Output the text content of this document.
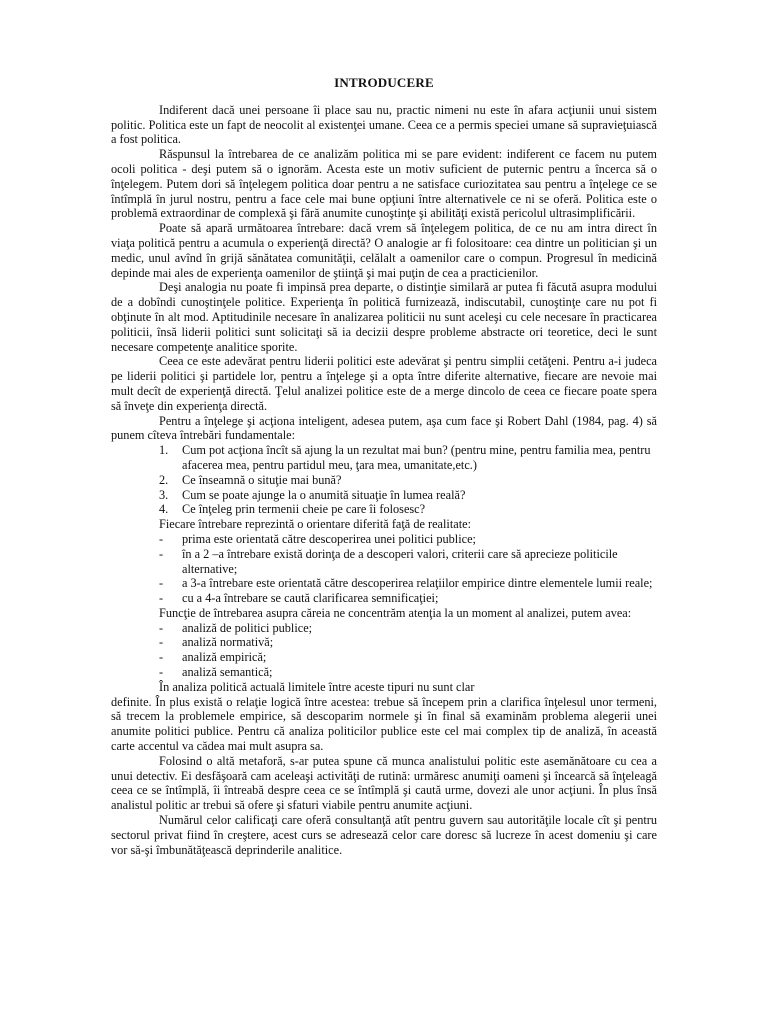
INTRODUCERE

Indiferent dacă unei persoane îi place sau nu, practic nimeni nu este în afara acţiunii unui sistem politic. Politica este un fapt de neocolit al existenţei umane. Ceea ce a permis speciei umane să supravieţuiască a fost politica.

Răspunsul la întrebarea de ce analizăm politica mi se pare evident: indiferent ce facem nu putem ocoli politica - deşi putem să o ignorăm. Acesta este un motiv suficient de puternic pentru a încerca să o înţelegem. Putem dori să înţelegem politica doar pentru a ne satisface curiozitatea sau pentru a înţelege ce se întîmplă în jurul nostru, pentru a face cele mai bune opţiuni între alternativele ce ni se oferă. Politica este o problemă extraordinar de complexă şi fără anumite cunoştinţe şi abilităţi există pericolul ultrasimplificării.

Poate să apară următoarea întrebare: dacă vrem să înţelegem politica, de ce nu am intra direct în viaţa politică pentru a acumula o experienţă directă? O analogie ar fi folositoare: cea dintre un politician şi un medic, unul avînd în grijă sănătatea comunităţii, celălalt a oamenilor care o compun. Progresul în medicină depinde mai ales de experienţa oamenilor de ştiinţă şi mai puţin de cea a practicienilor.

Deşi analogia nu poate fi impinsă prea departe, o distinţie similară ar putea fi făcută asupra modului de a dobîndi cunoştinţele politice. Experienţa în politică furnizează, indiscutabil, cunoştinţe care nu pot fi obţinute în alt mod. Aptitudinile necesare în analizarea politicii nu sunt aceleşi cu cele necesare în practicarea politicii, însă liderii politici sunt solicitaţi să ia decizii despre probleme abstracte ori teoretice, deci le sunt necesare competenţe analitice sporite.

Ceea ce este adevărat pentru liderii politici este adevărat şi pentru simplii cetăţeni. Pentru a-i judeca pe liderii politici şi partidele lor, pentru a înţelege şi a opta între diferite alternative, fiecare are nevoie mai mult decît de experienţă directă. Ţelul analizei politice este de a merge dincolo de ceea ce fiecare poate spera să înveţe din experienţa directă.

Pentru a înţelege şi acţiona inteligent, adesea putem, aşa cum face şi Robert Dahl (1984, pag. 4) să punem cîteva întrebări fundamentale:

1. Cum pot acţiona încît să ajung la un rezultat mai bun? (pentru mine, pentru familia mea, pentru afacerea mea, pentru partidul meu, ţara mea, umanitate,etc.)
2. Ce înseamnă o situţie mai bună?
3. Cum se poate ajunge la o anumită situaţie în lumea reală?
4. Ce înţeleg prin termenii cheie pe care îi folosesc?

Fiecare întrebare reprezintă o orientare diferită faţă de realitate:

- prima este orientată către descoperirea unei politici publice;
- în a 2 –a întrebare există dorinţa de a descoperi valori, criterii care să aprecieze politicile alternative;
- a 3-a întrebare este orientată către descoperirea relaţiilor empirice dintre elementele lumii reale;
- cu a 4-a întrebare se caută clarificarea semnificaţiei;

Funcţie de întrebarea asupra căreia ne concentrăm atenţia la un moment al analizei, putem avea:

- analiză de politici publice;
- analiză normativă;
- analiză empirică;
- analiză semantică;

În analiza politică actuală limitele între aceste tipuri nu sunt clar

definite. În plus există o relaţie logică între acestea: trebue să începem prin a clarifica înţelesul unor termeni, să trecem la problemele empirice, să descoparim normele şi în final să examinăm problema alegerii unei anumite politici publice. Pentru că analiza politicilor publice este cel mai complex tip de analiză, în această carte accentul va cădea mai mult asupra sa.

Folosind o altă metaforă, s-ar putea spune că munca analistului politic este asemănătoare cu cea a unui detectiv. Ei desfăşoară cam aceleaşi activităţi de rutină: urmăresc anumiţi oameni şi încearcă să înţeleagă ceea ce se întîmplă, îi întreabă despre ceea ce se întîmplă şi caută urme, dovezi ale unor acţiuni. În plus însă analistul politic ar trebui să ofere şi sfaturi viabile pentru anumite acţiuni.

Numărul celor calificaţi care oferă consultanţă atît pentru guvern sau autorităţile locale cît şi pentru sectorul privat fiind în creştere, acest curs se adresează celor care doresc să lucreze în acest domeniu şi care vor să-şi îmbunătăţească deprinderile analitice.
